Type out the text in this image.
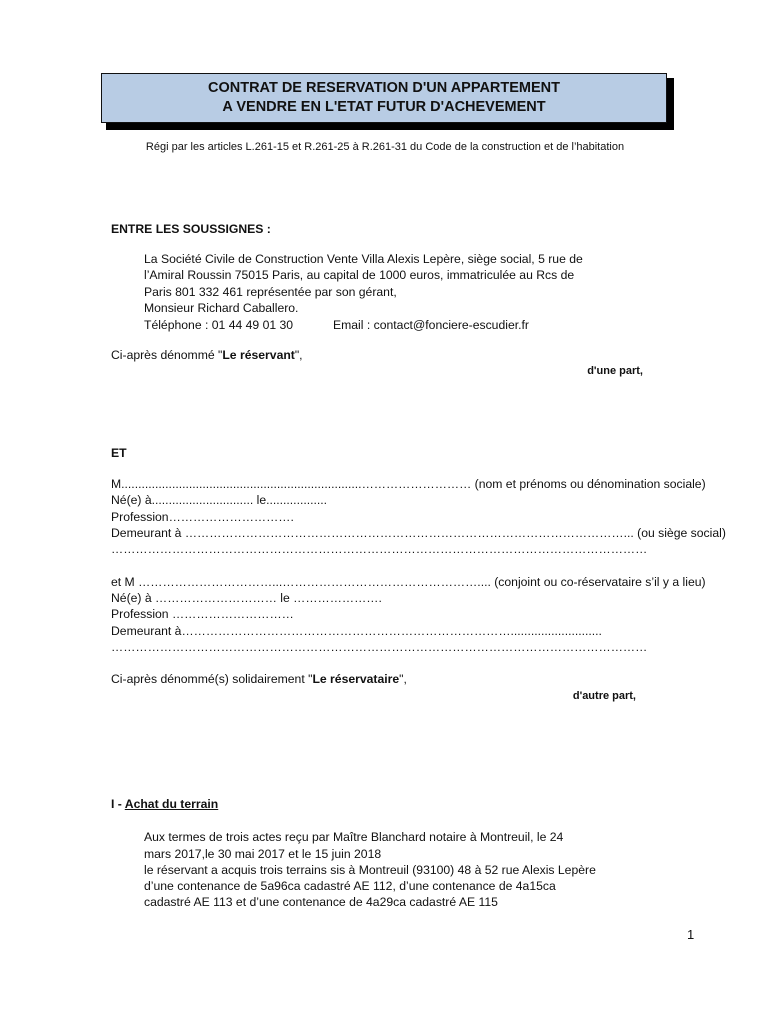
CONTRAT DE RESERVATION D'UN APPARTEMENT
A VENDRE EN L'ETAT FUTUR D'ACHEVEMENT
Régi par les articles L.261-15 et R.261-25 à R.261-31 du Code de la construction et de l’habitation
ENTRE LES SOUSSIGNES :
La Société Civile de Construction Vente Villa Alexis Lepère, siège social, 5 rue de
l’Amiral Roussin 75015 Paris, au capital de 1000 euros, immatriculée au Rcs de
Paris 801 332 461 représentée par son gérant,
Monsieur Richard Caballero.
Téléphone : 01 44 49 01 30	Email : contact@fonciere-escudier.fr
Ci-après dénommé "Le réservant",
d'une part,
ET
M.......................................................................……………………… (nom et prénoms ou dénomination sociale)
Né(e) à.............................. le..................
Profession………………………….
Demeurant à ………………………………………………………………………………………………... (ou siège social)
……………………………………………………………………………………………………………………
et M ……………………………...………………………………………….... (conjoint ou co-réservataire s’il y a lieu)
Né(e) à ………………………… le ………………….
Profession …………………………
Demeurant à………………………………………………………………………...........................
……………………………………………………………………………………………………………………
Ci-après dénommé(s) solidairement "Le réservataire",
d'autre part,
I - Achat du terrain
Aux termes de trois actes reçu par Maître Blanchard notaire à Montreuil, le 24
mars 2017,le 30 mai 2017 et le 15 juin 2018
le réservant a acquis trois terrains sis à Montreuil (93100) 48 à 52 rue Alexis Lepère
d’une contenance de 5a96ca cadastré AE 112, d’une contenance de 4a15ca
cadastré AE 113 et d’une contenance de 4a29ca cadastré AE 115
1
